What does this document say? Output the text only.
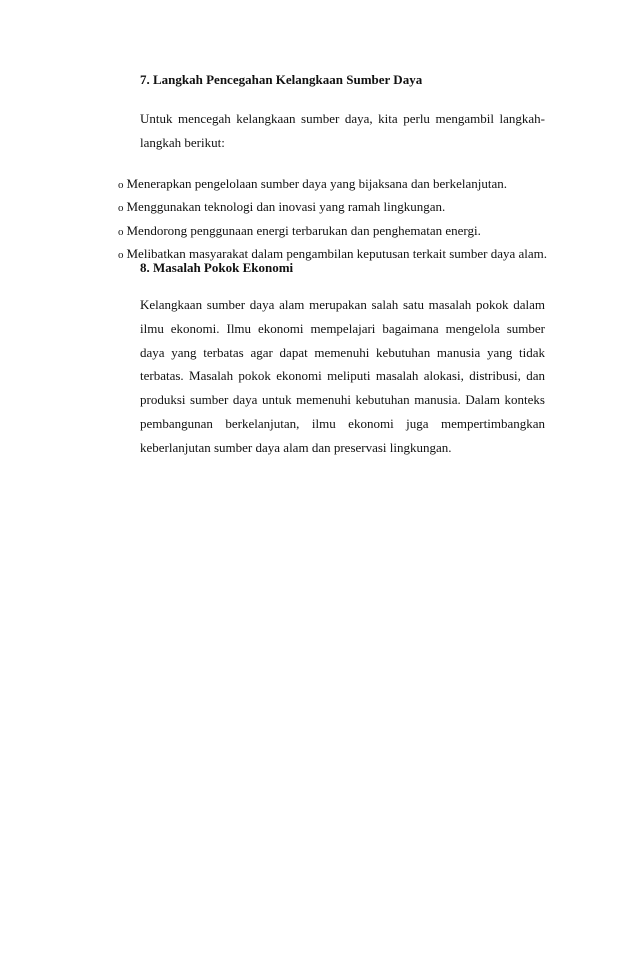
7. Langkah Pencegahan Kelangkaan Sumber Daya

Untuk mencegah kelangkaan sumber daya, kita perlu mengambil langkah-langkah berikut:

o Menerapkan pengelolaan sumber daya yang bijaksana dan berkelanjutan.
o Menggunakan teknologi dan inovasi yang ramah lingkungan.
o Mendorong penggunaan energi terbarukan dan penghematan energi.
o Melibatkan masyarakat dalam pengambilan keputusan terkait sumber daya alam.
8. Masalah Pokok Ekonomi

Kelangkaan sumber daya alam merupakan salah satu masalah pokok dalam ilmu ekonomi. Ilmu ekonomi mempelajari bagaimana mengelola sumber daya yang terbatas agar dapat memenuhi kebutuhan manusia yang tidak terbatas. Masalah pokok ekonomi meliputi masalah alokasi, distribusi, dan produksi sumber daya untuk memenuhi kebutuhan manusia. Dalam konteks pembangunan berkelanjutan, ilmu ekonomi juga mempertimbangkan keberlanjutan sumber daya alam dan preservasi lingkungan.
